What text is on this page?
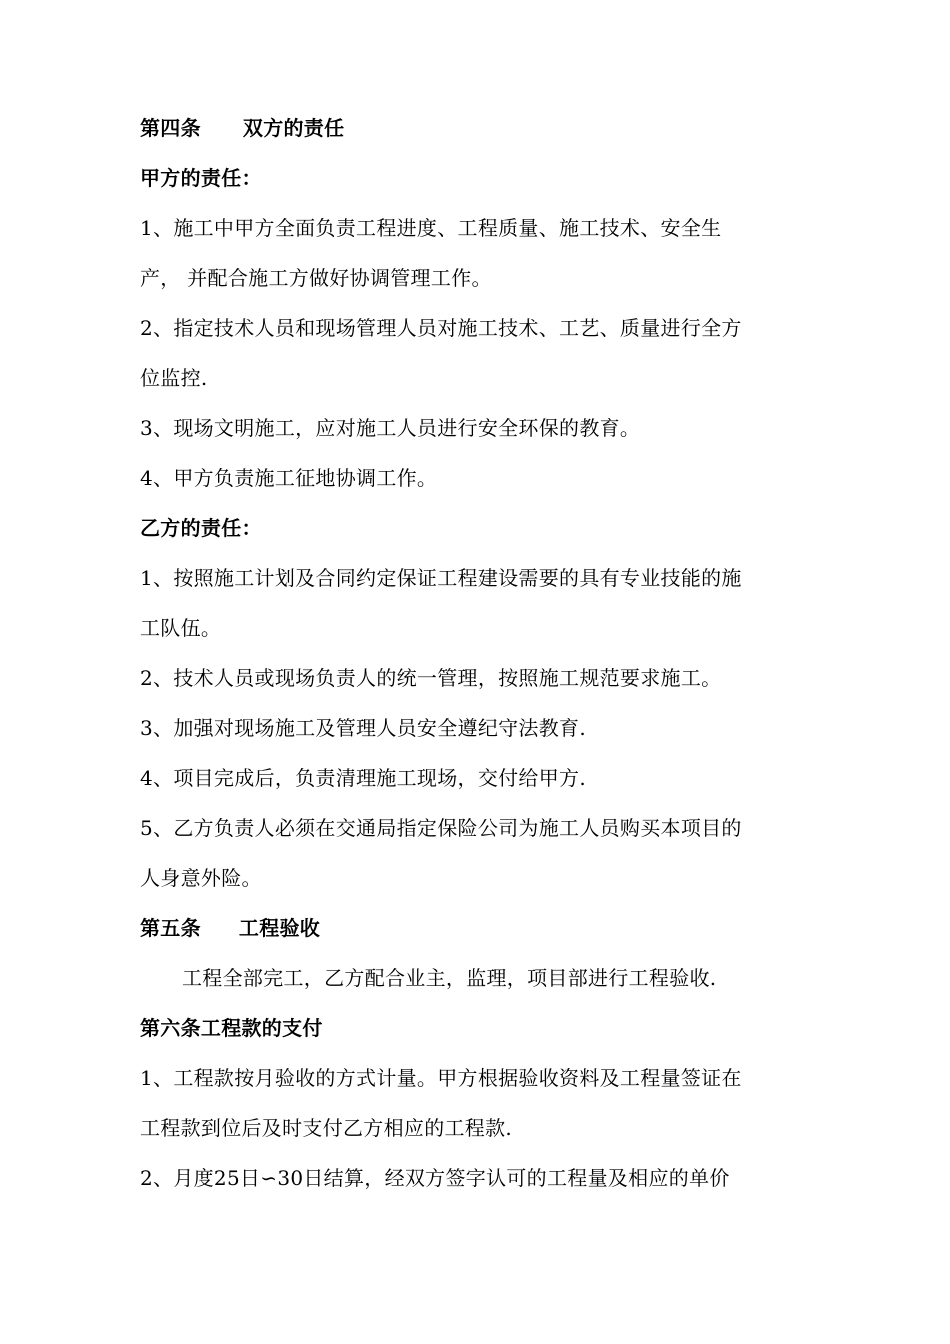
第四条 双方的责任
甲方的责任：
1、施工中甲方全面负责工程进度、工程质量、施工技术、安全生
产， 并配合施工方做好协调管理工作。
2、指定技术人员和现场管理人员对施工技术、工艺、质量进行全方
位监控.
3、现场文明施工，应对施工人员进行安全环保的教育。
4、甲方负责施工征地协调工作。
乙方的责任：
1、按照施工计划及合同约定保证工程建设需要的具有专业技能的施
工队伍。
2、技术人员或现场负责人的统一管理，按照施工规范要求施工。
3、加强对现场施工及管理人员安全遵纪守法教育.
4、项目完成后，负责清理施工现场，交付给甲方.
5、乙方负责人必须在交通局指定保险公司为施工人员购买本项目的
人身意外险。
第五条 工程验收
工程全部完工，乙方配合业主，监理，项目部进行工程验收.
第六条工程款的支付
1、工程款按月验收的方式计量。甲方根据验收资料及工程量签证在
工程款到位后及时支付乙方相应的工程款.
2、月度25日∽30日结算，经双方签字认可的工程量及相应的单价
